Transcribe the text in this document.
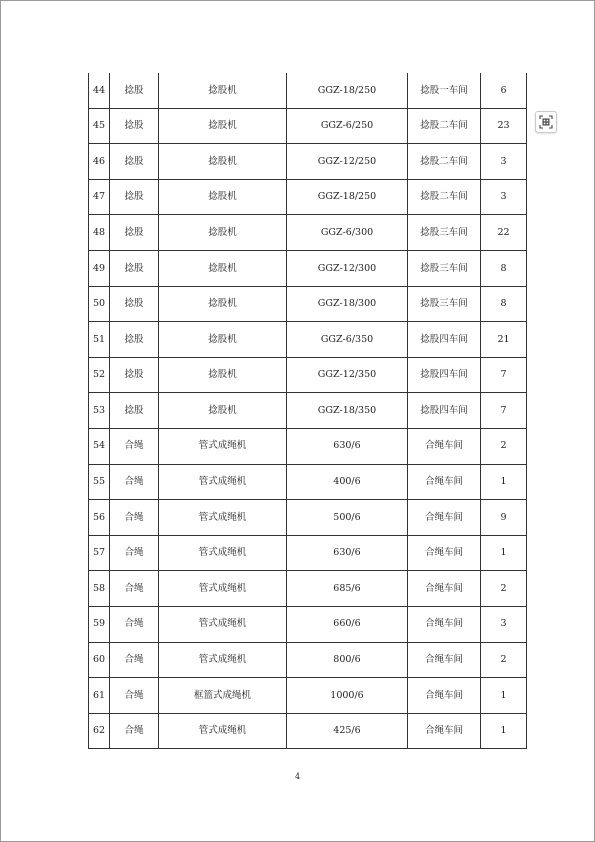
44	捻股	捻股机	GGZ-18/250	捻股一车间	6
45	捻股	捻股机	GGZ-6/250	捻股二车间	23
46	捻股	捻股机	GGZ-12/250	捻股二车间	3
47	捻股	捻股机	GGZ-18/250	捻股二车间	3
48	捻股	捻股机	GGZ-6/300	捻股三车间	22
49	捻股	捻股机	GGZ-12/300	捻股三车间	8
50	捻股	捻股机	GGZ-18/300	捻股三车间	8
51	捻股	捻股机	GGZ-6/350	捻股四车间	21
52	捻股	捻股机	GGZ-12/350	捻股四车间	7
53	捻股	捻股机	GGZ-18/350	捻股四车间	7
54	合绳	管式成绳机	630/6	合绳车间	2
55	合绳	管式成绳机	400/6	合绳车间	1
56	合绳	管式成绳机	500/6	合绳车间	9
57	合绳	管式成绳机	630/6	合绳车间	1
58	合绳	管式成绳机	685/6	合绳车间	2
59	合绳	管式成绳机	660/6	合绳车间	3
60	合绳	管式成绳机	800/6	合绳车间	2
61	合绳	框篮式成绳机	1000/6	合绳车间	1
62	合绳	管式成绳机	425/6	合绳车间	1
4
